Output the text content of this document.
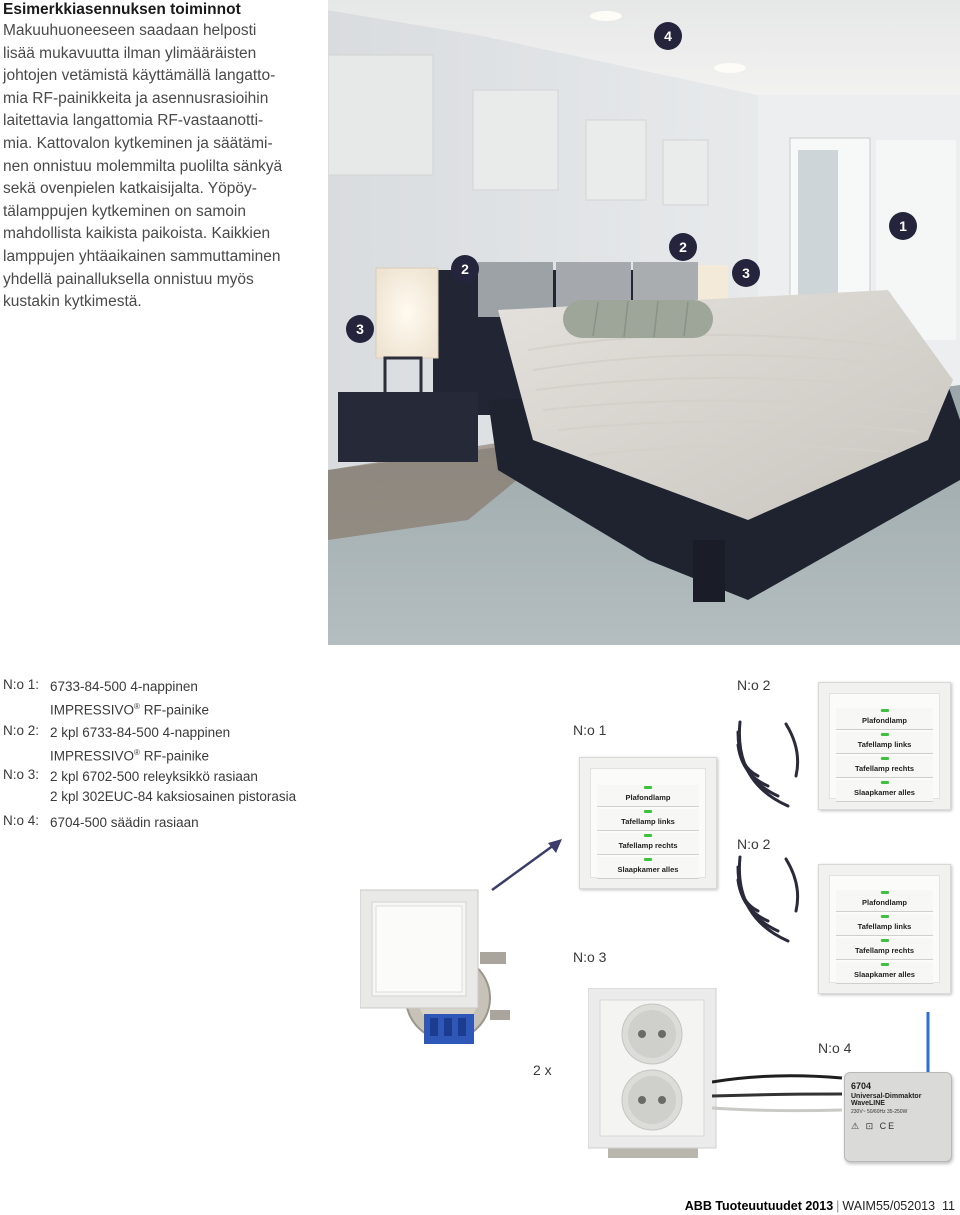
Esimerkkiasennuksen toiminnot
Makuuhuoneeseen saadaan helposti
lisää mukavuutta ilman ylimääräisten
johtojen vetämistä käyttämällä langatto-
mia RF-painikkeita ja asennusrasioihin
laitettavia langattomia RF-vastaanotti-
mia. Kattovalon kytkeminen ja säätämi-
nen onnistuu molemmilta puolilta sänkyä
sekä ovenpielen katkaisijalta. Yöpöy-
tälamppujen kytkeminen on samoin
mahdollista kaikista paikoista. Kaikkien
lamppujen yhtäaikainen sammuttaminen
yhdellä painalluksella onnistuu myös
kustakin kytkimestä.
4
1
2
2	3
3
N:o 1: 6733-84-500 4-nappinen
IMPRESSIVO® RF-painike
N:o 2: 2 kpl 6733-84-500 4-nappinen
IMPRESSIVO® RF-painike
N:o 3: 2 kpl 6702-500 releyksikkö rasiaan
2 kpl 302EUC-84 kaksiosainen pistorasia
N:o 4: 6704-500 säädin rasiaan
N:o 2
N:o 1
N:o 2
N:o 3
N:o 4
2 x
Plafondlamp
Tafellamp links
Tafellamp rechts
Slaapkamer alles
Plafondlamp
Tafellamp links
Tafellamp rechts
Slaapkamer alles
Plafondlamp
Tafellamp links
Tafellamp rechts
Slaapkamer alles
6704
Universal-Dimmaktor
WaveLINE
230V~ 50/60Hz 35-250W
⚠ ⊡ CE
ABB Tuoteuutuudet 2013 | WAIM55/052013 11
